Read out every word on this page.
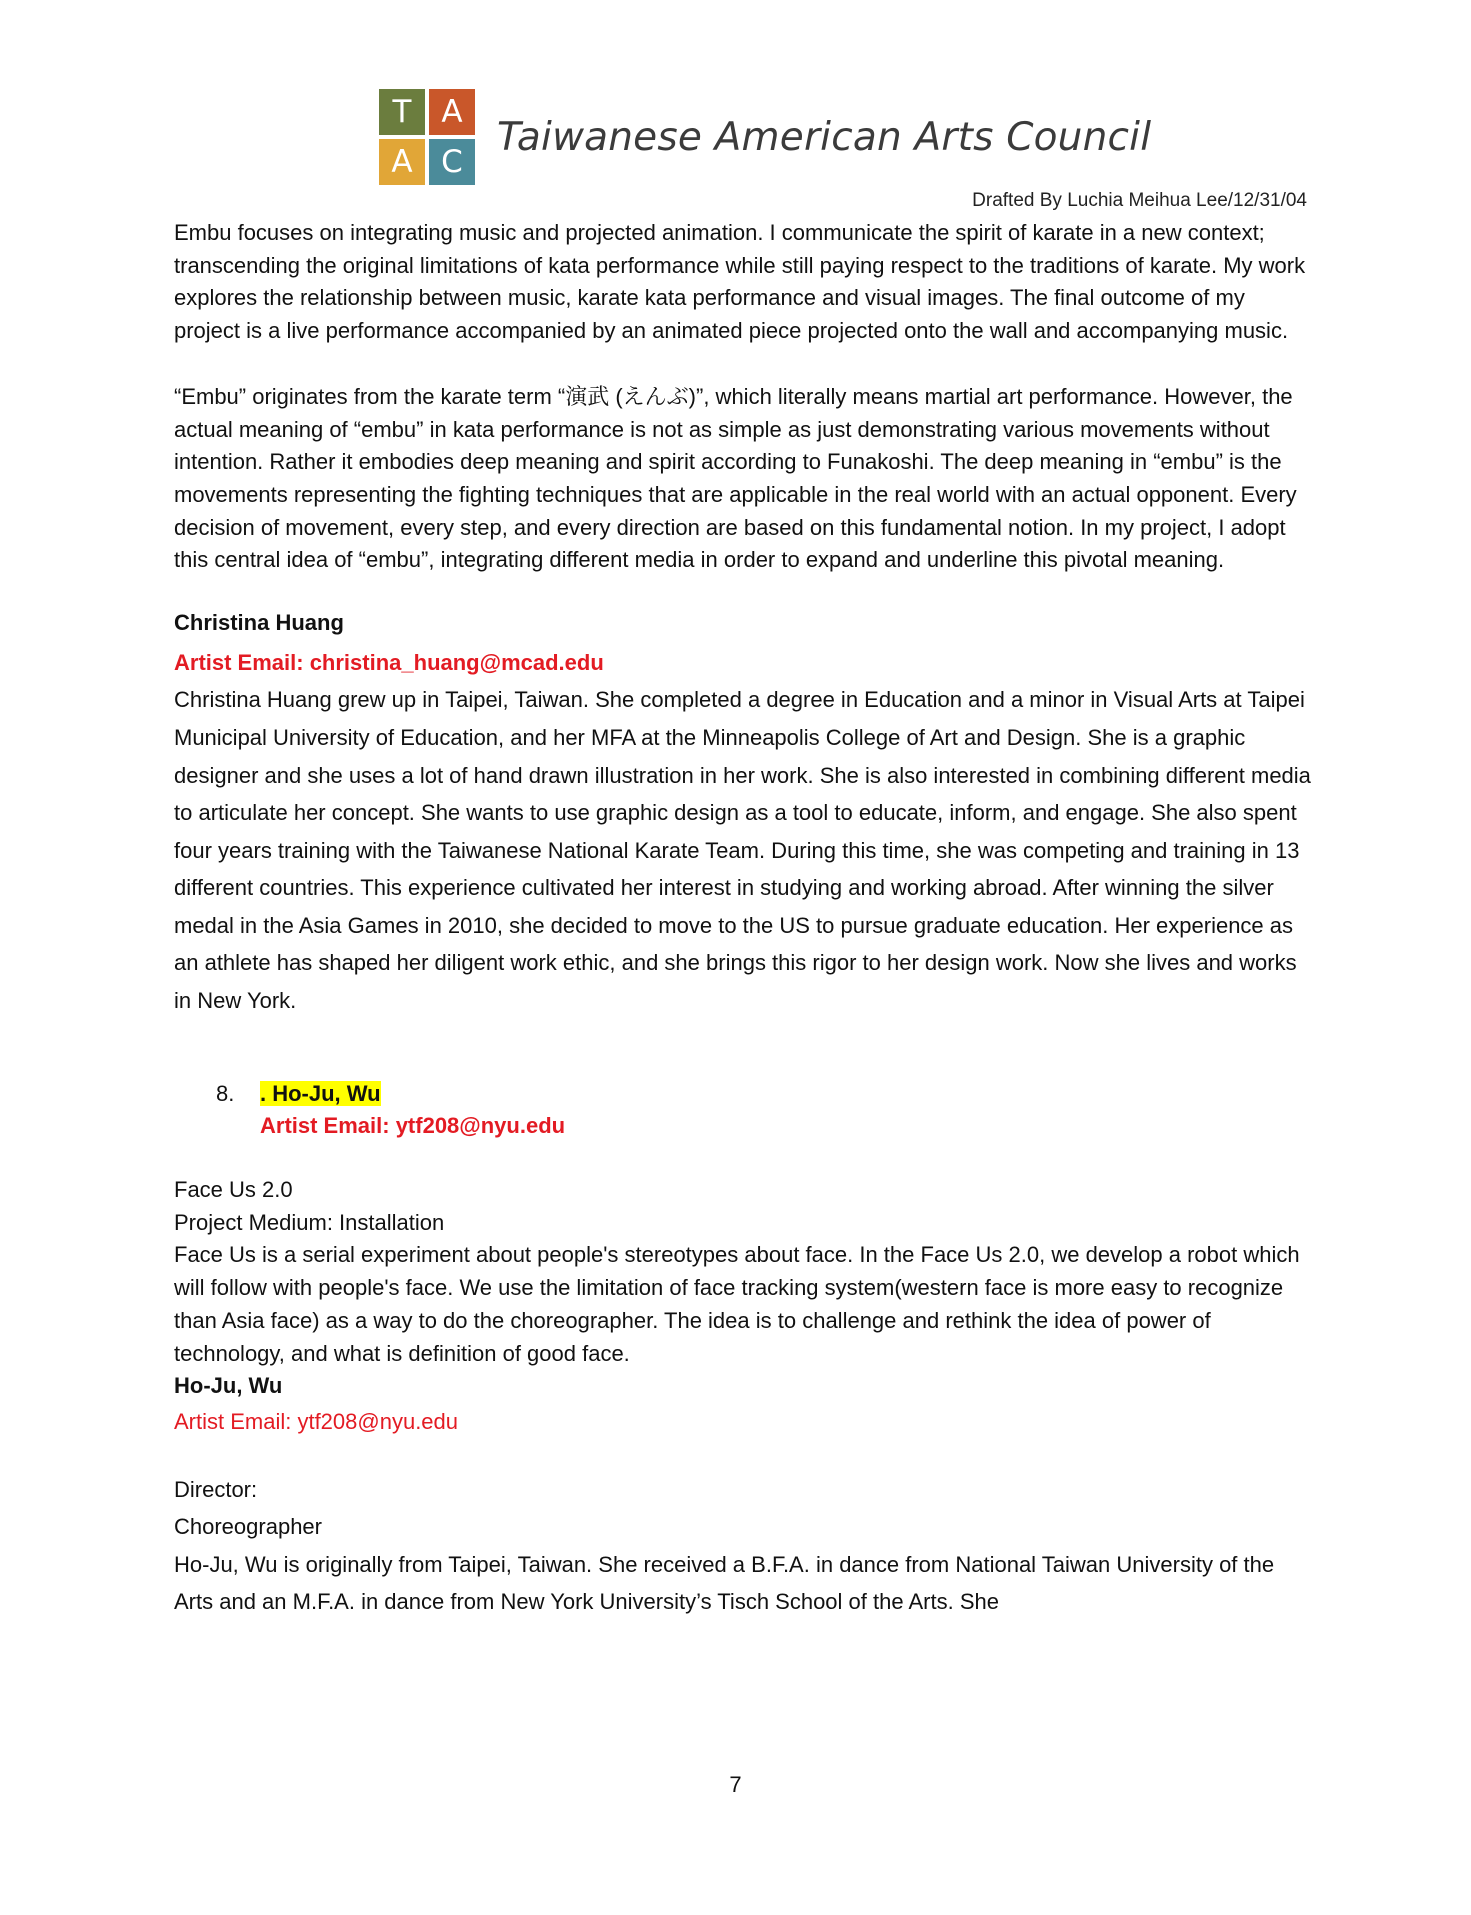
T A
A C
Taiwanese American Arts Council
Drafted By Luchia Meihua Lee/12/31/04

Embu focuses on integrating music and projected animation. I communicate the spirit of karate in a new context; transcending the original limitations of kata performance while still paying respect to the traditions of karate. My work explores the relationship between music, karate kata performance and visual images. The final outcome of my project is a live performance accompanied by an animated piece projected onto the wall and accompanying music.

“Embu” originates from the karate term “演武 (えんぶ)”, which literally means martial art performance. However, the actual meaning of “embu” in kata performance is not as simple as just demonstrating various movements without intention. Rather it embodies deep meaning and spirit according to Funakoshi. The deep meaning in “embu” is the movements representing the fighting techniques that are applicable in the real world with an actual opponent. Every decision of movement, every step, and every direction are based on this fundamental notion. In my project, I adopt this central idea of “embu”, integrating different media in order to expand and underline this pivotal meaning.

Christina Huang

Artist Email: christina_huang@mcad.edu

Christina Huang grew up in Taipei, Taiwan. She completed a degree in Education and a minor in Visual Arts at Taipei Municipal University of Education, and her MFA at the Minneapolis College of Art and Design. She is a graphic designer and she uses a lot of hand drawn illustration in her work. She is also interested in combining different media to articulate her concept. She wants to use graphic design as a tool to educate, inform, and engage. She also spent four years training with the Taiwanese National Karate Team. During this time, she was competing and training in 13 different countries. This experience cultivated her interest in studying and working abroad. After winning the silver medal in the Asia Games in 2010, she decided to move to the US to pursue graduate education. Her experience as an athlete has shaped her diligent work ethic, and she brings this rigor to her design work. Now she lives and works in New York.

8.	. Ho-Ju, Wu
Artist Email: ytf208@nyu.edu

Face Us 2.0

Project Medium: Installation

Face Us is a serial experiment about people's stereotypes about face. In the Face Us 2.0, we develop a robot which will follow with people's face. We use the limitation of face tracking system(western face is more easy to recognize than Asia face) as a way to do the choreographer. The idea is to challenge and rethink the idea of power of technology, and what is definition of good face.

Ho-Ju, Wu

Artist Email: ytf208@nyu.edu

Director:

Choreographer

Ho-Ju, Wu is originally from Taipei, Taiwan. She received a B.F.A. in dance from National Taiwan University of the Arts and an M.F.A. in dance from New York University’s Tisch School of the Arts. She

7
